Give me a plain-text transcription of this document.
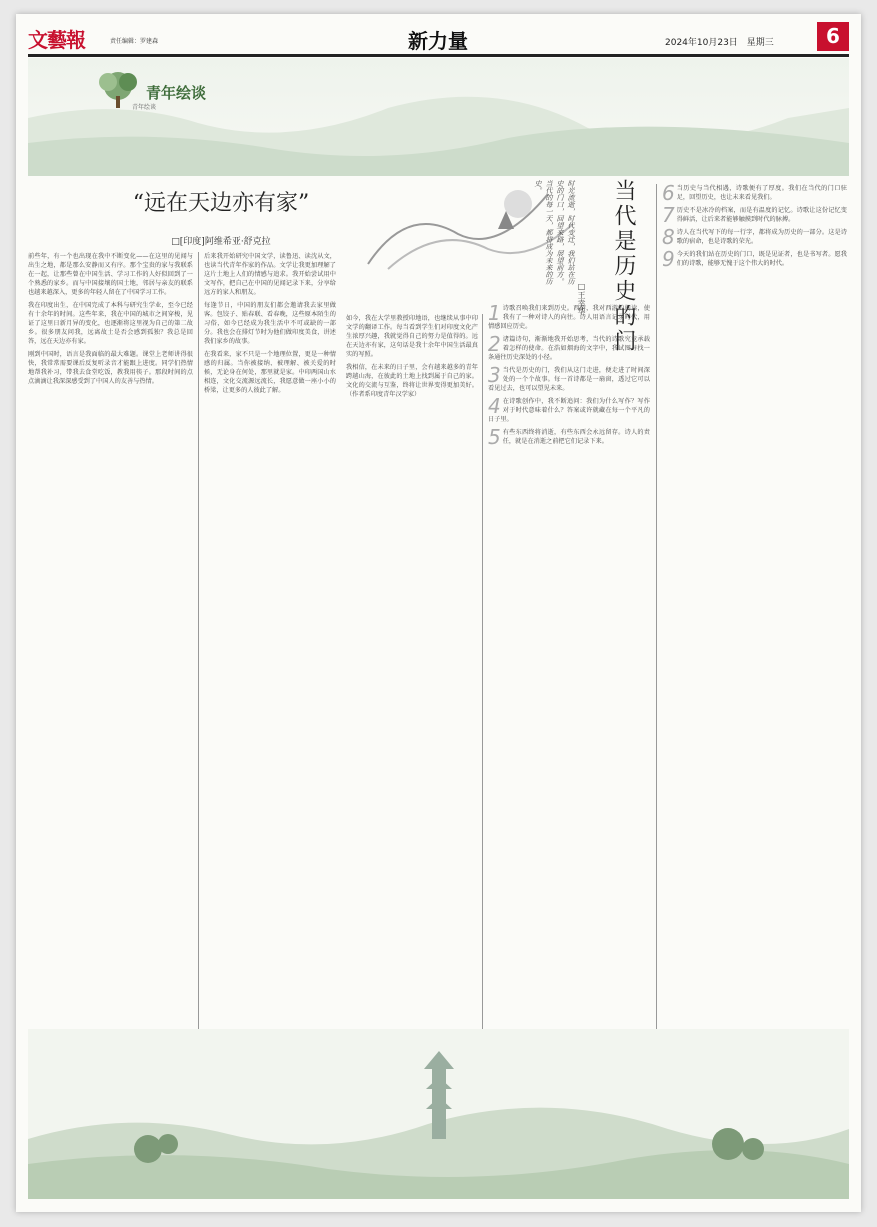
文藝報	责任编辑：罗建森	新力量	2024年10月23日　星期三	6
青年绘谈
青年绘谈
“远在天边亦有家”
□[印度]阿维希亚·舒克拉

前些年，有一个也出现在我中不断变化——在这里的见闻与出生之地，都是那么安静而又有序。那个宝贵的家与我联系在一起，让那些曾在中国生活、学习工作的人好似回到了一个熟悉的家乡。而与中国接壤的国土地，邻居与亲友的联系也越来越深入，更多的年轻人留在了中国学习工作。

我在印度出生，在中国完成了本科与研究生学业，至今已经有十余年的时间。这些年来，我在中国的城市之间穿梭，见证了这里日新月异的变化，也逐渐将这里视为自己的第二故乡。很多朋友问我，远离故土是否会感到孤独？我总是回答，远在天边亦有家。

刚到中国时，语言是我面临的最大难题。课堂上老师讲得很快，我常常需要课后反复听录音才能跟上进度。同学们热情地帮我补习，带我去食堂吃饭，教我用筷子。那段时间的点点滴滴让我深深感受到了中国人的友善与热情。

后来我开始研究中国文学，读鲁迅、读沈从文，也读当代青年作家的作品。文学让我更加理解了这片土地上人们的情感与追求。我开始尝试用中文写作，把自己在中国的见闻记录下来，分享给远方的家人和朋友。

每逢节日，中国的朋友们都会邀请我去家里做客。包饺子、贴春联、看春晚，这些原本陌生的习俗，如今已经成为我生活中不可或缺的一部分。我也会在排灯节时为他们做印度美食，讲述我们家乡的故事。

在我看来，家不只是一个地理位置，更是一种情感的归属。当你被接纳、被理解、被关爱的时候，无论身在何处，那里就是家。中印两国山水相连，文化交流源远流长，我愿意做一座小小的桥梁，让更多的人彼此了解。

如今，我在大学里教授印地语，也继续从事中印文学的翻译工作。每当看到学生们对印度文化产生浓厚兴趣，我就觉得自己的努力是值得的。远在天边亦有家，这句话是我十余年中国生活最真实的写照。

我相信，在未来的日子里，会有越来越多的青年跨越山海，在彼此的土地上找到属于自己的家。文化的交流与互鉴，终将让世界变得更加美好。（作者系印度青年汉学家）

时光流逝，时代变迁，我们站在历史的门口，回望来路，展望前方。当代的每一天，都将成为未来的历史。	当代是历史的门
□王幸华

1 诗歌召唤我们来到历史。西游，我对西游的阅读，使我有了一种对诗人的向往。诗人用语言记录时代，用情感回应历史。

2 诸篇诗句，渐渐地我开始思考，当代的诗歌究竟承载着怎样的使命。在浩如烟海的文字中，我试图寻找一条通往历史深处的小径。

3 当代是历史的门，我们从这门走进，便走进了时间深处的一个个故事。每一首诗都是一扇窗，透过它可以看见过去，也可以望见未来。

4 在诗歌创作中，我不断追问：我们为什么写作？写作对于时代意味着什么？答案或许就藏在每一个平凡的日子里。

5 有些东西终将消逝，有些东西会永远留存。诗人的责任，就是在消逝之前把它们记录下来。

6 当历史与当代相遇，诗歌便有了厚度。我们在当代的门口驻足，回望历史，也让未来看见我们。

7 历史不是冰冷的档案，而是有温度的记忆。诗歌让这份记忆变得鲜活，让后来者能够触摸到时代的脉搏。

8 诗人在当代写下的每一行字，都将成为历史的一部分。这是诗歌的宿命，也是诗歌的荣光。

9 今天的我们站在历史的门口，既是见证者，也是书写者。愿我们的诗歌，能够无愧于这个伟大的时代。
